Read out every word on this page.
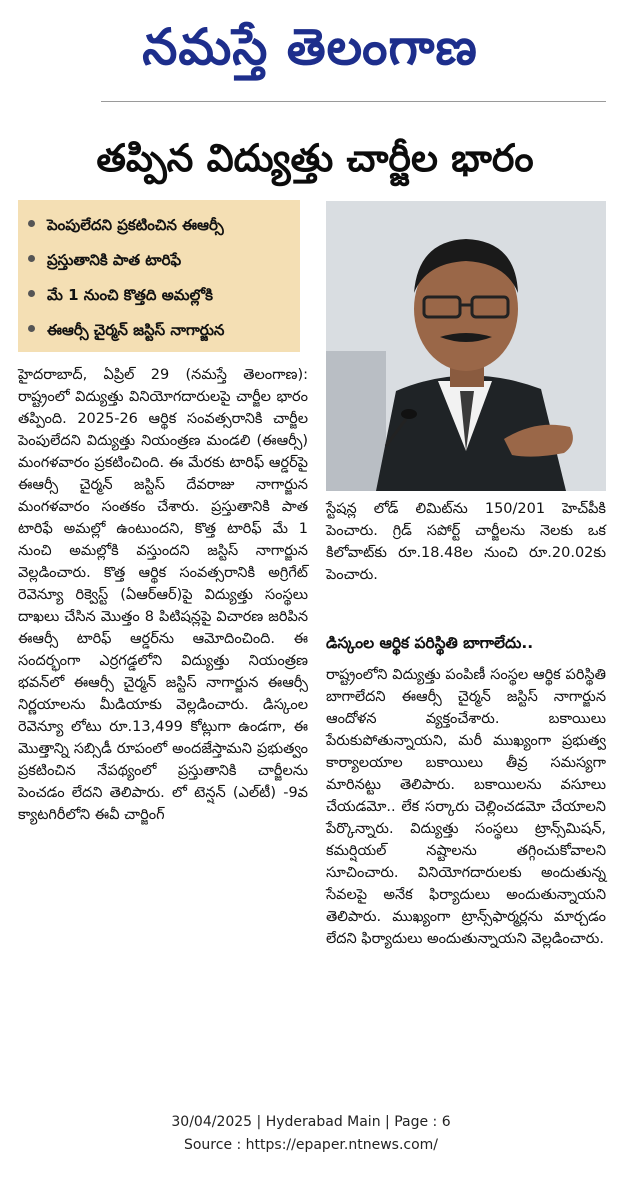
నమస్తే తెలంగాణ
తప్పిన విద్యుత్తు చార్జీల భారం
పెంపులేదని ప్రకటించిన ఈఆర్సీ
ప్రస్తుతానికి పాత టారిఫే
మే 1 నుంచి కొత్తది అమల్లోకి
ఈఆర్సీ చైర్మన్ జస్టిస్ నాగార్జున
హైదరాబాద్, ఏప్రిల్ 29 (నమస్తే తెలంగాణ): రాష్ట్రంలో విద్యుత్తు వినియోగదారులపై చార్జీల భారం తప్పింది. 2025-26 ఆర్థిక సంవత్సరానికి చార్జీల పెంపులేదని విద్యుత్తు నియంత్రణ మండలి (ఈఆర్సీ) మంగళవారం ప్రకటించింది. ఈ మేరకు టారిఫ్ ఆర్డర్‌పై ఈఆర్సీ చైర్మన్ జస్టిస్ దేవరాజు నాగార్జున మంగళవారం సంతకం చేశారు. ప్రస్తుతానికి పాత టారిఫే అమల్లో ఉంటుందని, కొత్త టారిఫ్ మే 1 నుంచి అమల్లోకి వస్తుందని జస్టిస్ నాగార్జున వెల్లడించారు. కొత్త ఆర్థిక సంవత్సరానికి అగ్రిగేట్ రెవెన్యూ రిక్వెస్ట్ (ఏఆర్ఆర్)పై విద్యుత్తు సంస్థలు దాఖలు చేసిన మొత్తం 8 పిటిషన్లపై విచారణ జరిపిన ఈఆర్సీ టారిఫ్ ఆర్డర్‌ను ఆమోదించింది. ఈ సందర్భంగా ఎర్రగడ్డలోని విద్యుత్తు నియంత్రణ భవన్‌లో ఈఆర్సీ చైర్మన్ జస్టిస్ నాగార్జున ఈఆర్సీ నిర్ణయాలను మీడియాకు వెల్లడించారు. డిస్కంల రెవెన్యూ లోటు రూ.13,499 కోట్లుగా ఉండగా, ఈ మొత్తాన్ని సబ్సిడీ రూపంలో అందజేస్తామని ప్రభుత్వం ప్రకటించిన నేపథ్యంలో ప్రస్తుతానికి చార్జీలను పెంచడం లేదని తెలిపారు. లో టెన్షన్ (ఎల్‌టీ) -9వ క్యాటగిరీలోని ఈవీ చార్జింగ్
స్టేషన్ల లోడ్ లిమిట్‌ను 150/201 హెచ్‌పీకి పెంచారు. గ్రిడ్ సపోర్ట్ చార్జీలను నెలకు ఒక కిలోవాట్‌కు రూ.18.48ల నుంచి రూ.20.02కు పెంచారు.
డిస్కంల ఆర్థిక పరిస్థితి బాగాలేదు..
రాష్ట్రంలోని విద్యుత్తు పంపిణీ సంస్థల ఆర్థిక పరిస్థితి బాగాలేదని ఈఆర్సీ చైర్మన్ జస్టిస్ నాగార్జున ఆందోళన వ్యక్తంచేశారు. బకాయిలు పేరుకుపోతున్నాయని, మరీ ముఖ్యంగా ప్రభుత్వ కార్యాలయాల బకాయిలు తీవ్ర సమస్యగా మారినట్టు తెలిపారు. బకాయిలను వసూలు చేయడమో.. లేక సర్కారు చెల్లించడమో చేయాలని పేర్కొన్నారు. విద్యుత్తు సంస్థలు ట్రాన్స్‌మిషన్, కమర్షియల్ నష్టాలను తగ్గించుకోవాలని సూచించారు. వినియోగదారులకు అందుతున్న సేవలపై అనేక ఫిర్యాదులు అందుతున్నాయని తెలిపారు. ముఖ్యంగా ట్రాన్స్‌ఫార్మర్లను మార్చడం లేదని ఫిర్యాదులు అందుతున్నాయని వెల్లడించారు.
30/04/2025 | Hyderabad Main | Page : 6
Source : https://epaper.ntnews.com/
